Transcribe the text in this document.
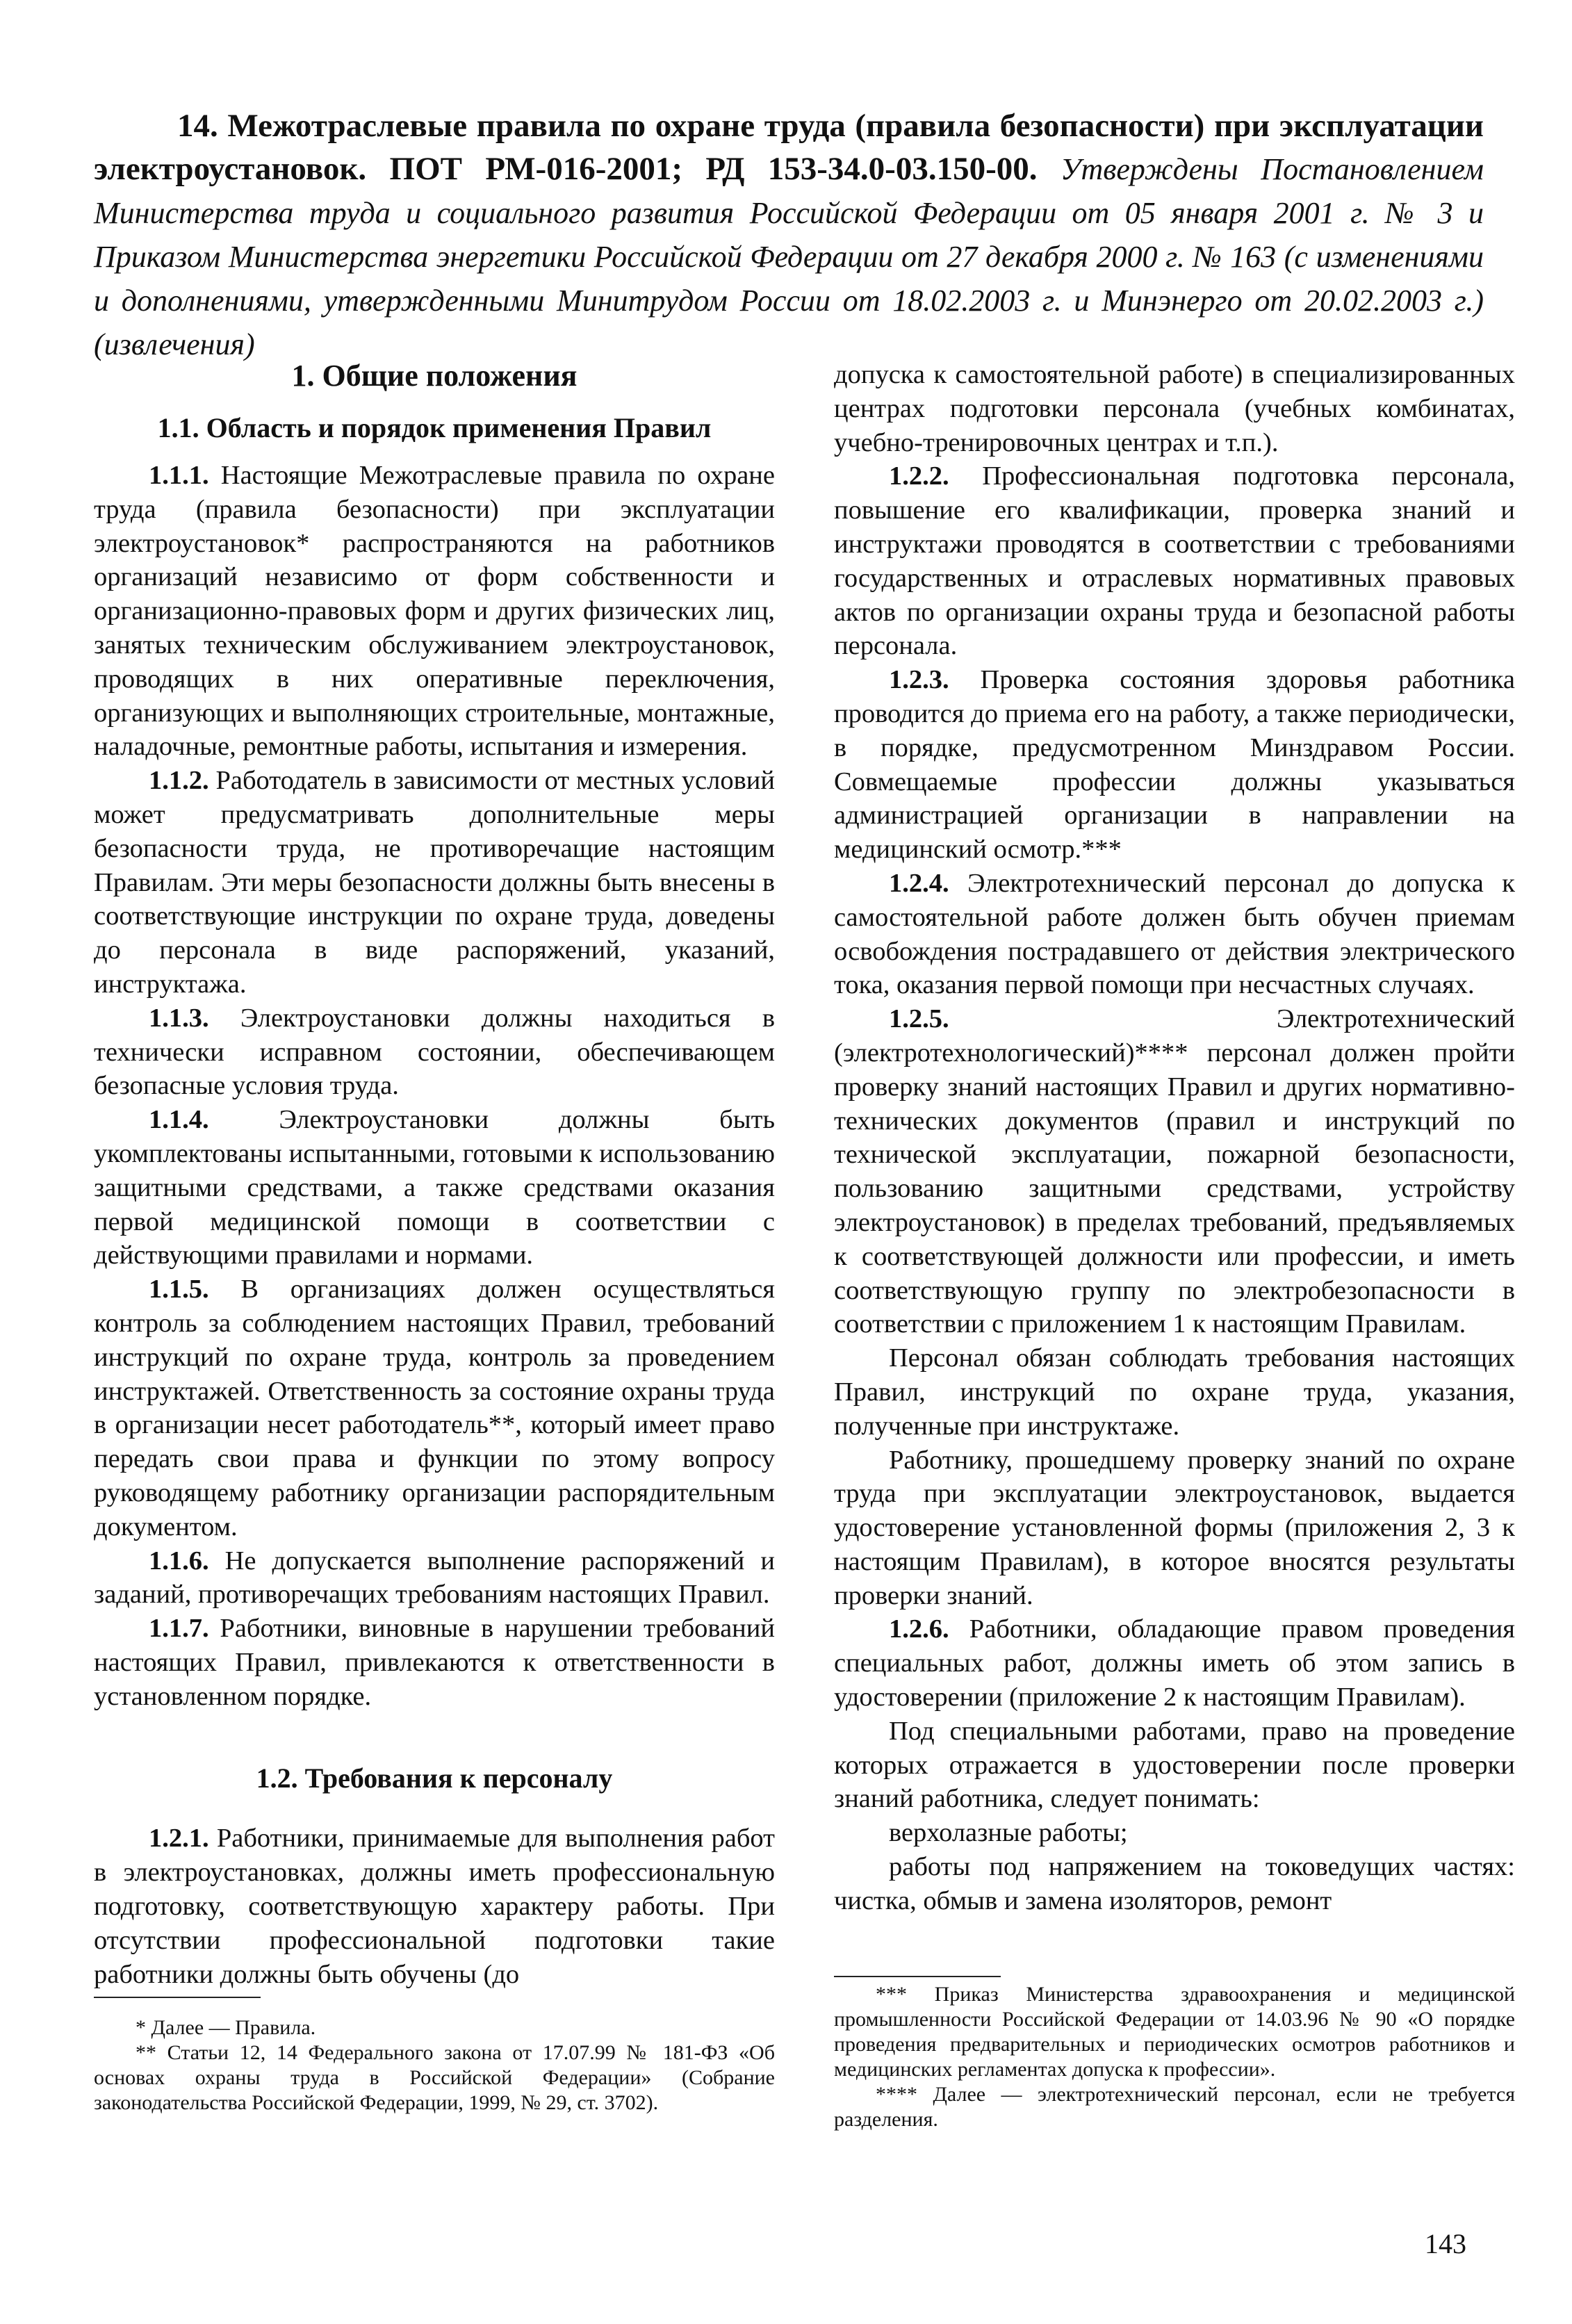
14. Межотраслевые правила по охране труда (правила безопасности) при эксплуатации электроустановок. ПОТ РМ-016-2001; РД 153-34.0-03.150-00. Утверждены Постановлением Министерства труда и социального развития Российской Федерации от 05 января 2001 г. № 3 и Приказом Министерства энергетики Российской Федерации от 27 декабря 2000 г. № 163 (с изменениями и дополнениями, утвержденными Минитрудом России от 18.02.2003 г. и Минэнерго от 20.02.2003 г.) (извлечения)
1. Общие положения
1.1. Область и порядок применения Правил

1.1.1. Настоящие Межотраслевые правила по охране труда (правила безопасности) при эксплуатации электроустановок* распространяются на работников организаций независимо от форм собственности и организационно-правовых форм и других физических лиц, занятых техническим обслуживанием электроустановок, проводящих в них оперативные переключения, организующих и выполняющих строительные, монтажные, наладочные, ремонтные работы, испытания и измерения.

1.1.2. Работодатель в зависимости от местных условий может предусматривать дополнительные меры безопасности труда, не противоречащие настоящим Правилам. Эти меры безопасности должны быть внесены в соответствующие инструкции по охране труда, доведены до персонала в виде распоряжений, указаний, инструктажа.

1.1.3. Электроустановки должны находиться в технически исправном состоянии, обеспечивающем безопасные условия труда.

1.1.4. Электроустановки должны быть укомплектованы испытанными, готовыми к использованию защитными средствами, а также средствами оказания первой медицинской помощи в соответствии с действующими правилами и нормами.

1.1.5. В организациях должен осуществляться контроль за соблюдением настоящих Правил, требований инструкций по охране труда, контроль за проведением инструктажей. Ответственность за состояние охраны труда в организации несет работодатель**, который имеет право передать свои права и функции по этому вопросу руководящему работнику организации распорядительным документом.

1.1.6. Не допускается выполнение распоряжений и заданий, противоречащих требованиям настоящих Правил.

1.1.7. Работники, виновные в нарушении требований настоящих Правил, привлекаются к ответственности в установленном порядке.

1.2. Требования к персоналу

1.2.1. Работники, принимаемые для выполнения работ в электроустановках, должны иметь профессиональную подготовку, соответствующую характеру работы. При отсутствии профессиональной подготовки такие работники должны быть обучены (до

допуска к самостоятельной работе) в специализированных центрах подготовки персонала (учебных комбинатах, учебно-тренировочных центрах и т.п.).

1.2.2. Профессиональная подготовка персонала, повышение его квалификации, проверка знаний и инструктажи проводятся в соответствии с требованиями государственных и отраслевых нормативных правовых актов по организации охраны труда и безопасной работы персонала.

1.2.3. Проверка состояния здоровья работника проводится до приема его на работу, а также периодически, в порядке, предусмотренном Минздравом России. Совмещаемые профессии должны указываться администрацией организации в направлении на медицинский осмотр.***

1.2.4. Электротехнический персонал до допуска к самостоятельной работе должен быть обучен приемам освобождения пострадавшего от действия электрического тока, оказания первой помощи при несчастных случаях.

1.2.5. Электротехнический (электротехнологический)**** персонал должен пройти проверку знаний настоящих Правил и других нормативно-технических документов (правил и инструкций по технической эксплуатации, пожарной безопасности, пользованию защитными средствами, устройству электроустановок) в пределах требований, предъявляемых к соответствующей должности или профессии, и иметь соответствующую группу по электробезопасности в соответствии с приложением 1 к настоящим Правилам.

Персонал обязан соблюдать требования настоящих Правил, инструкций по охране труда, указания, полученные при инструктаже.

Работнику, прошедшему проверку знаний по охране труда при эксплуатации электроустановок, выдается удостоверение установленной формы (приложения 2, 3 к настоящим Правилам), в которое вносятся результаты проверки знаний.

1.2.6. Работники, обладающие правом проведения специальных работ, должны иметь об этом запись в удостоверении (приложение 2 к настоящим Правилам).

Под специальными работами, право на проведение которых отражается в удостоверении после проверки знаний работника, следует понимать:

верхолазные работы;

работы под напряжением на токоведущих частях: чистка, обмыв и замена изоляторов, ремонт

* Далее — Правила.

** Статьи 12, 14 Федерального закона от 17.07.99 № 181-ФЗ «Об основах охраны труда в Российской Федерации» (Собрание законодательства Российской Федерации, 1999, № 29, ст. 3702).

*** Приказ Министерства здравоохранения и медицинской промышленности Российской Федерации от 14.03.96 № 90 «О порядке проведения предварительных и периодических осмотров работников и медицинских регламентах допуска к профессии».

**** Далее — электротехнический персонал, если не требуется разделения.

143
